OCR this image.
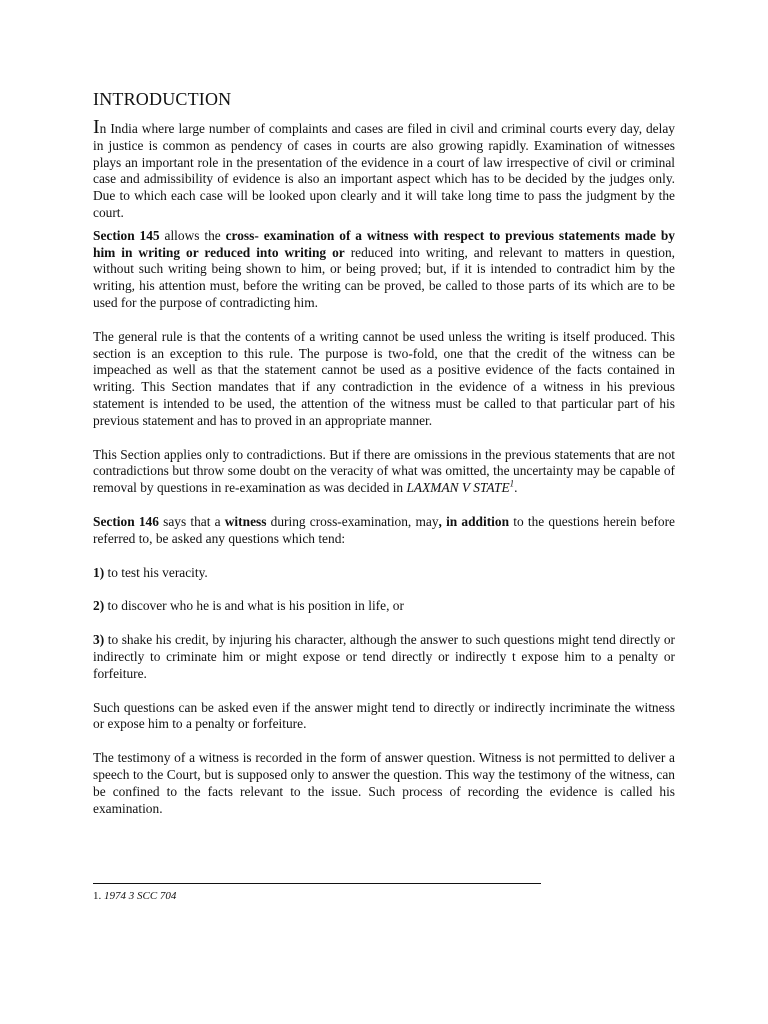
INTRODUCTION

In India where large number of complaints and cases are filed in civil and criminal courts every day, delay in justice is common as pendency of cases in courts are also growing rapidly. Examination of witnesses plays an important role in the presentation of the evidence in a court of law irrespective of civil or criminal case and admissibility of evidence is also an important aspect which has to be decided by the judges only. Due to which each case will be looked upon clearly and it will take long time to pass the judgment by the court.

Section 145 allows the cross- examination of a witness with respect to previous statements made by him in writing or reduced into writing or reduced into writing, and relevant to matters in question, without such writing being shown to him, or being proved; but, if it is intended to contradict him by the writing, his attention must, before the writing can be proved, be called to those parts of its which are to be used for the purpose of contradicting him.

The general rule is that the contents of a writing cannot be used unless the writing is itself produced. This section is an exception to this rule. The purpose is two-fold, one that the credit of the witness can be impeached as well as that the statement cannot be used as a positive evidence of the facts contained in writing. This Section mandates that if any contradiction in the evidence of a witness in his previous statement is intended to be used, the attention of the witness must be called to that particular part of his previous statement and has to proved in an appropriate manner.

This Section applies only to contradictions. But if there are omissions in the previous statements that are not contradictions but throw some doubt on the veracity of what was omitted, the uncertainty may be capable of removal by questions in re-examination as was decided in LAXMAN V STATE$^1$.

Section 146 says that a witness during cross-examination, may, in addition to the questions herein before referred to, be asked any questions which tend:

1) to test his veracity.

2) to discover who he is and what is his position in life, or

3) to shake his credit, by injuring his character, although the answer to such questions might tend directly or indirectly to criminate him or might expose or tend directly or indirectly t expose him to a penalty or forfeiture.

Such questions can be asked even if the answer might tend to directly or indirectly incriminate the witness or expose him to a penalty or forfeiture.

The testimony of a witness is recorded in the form of answer question. Witness is not permitted to deliver a speech to the Court, but is supposed only to answer the question. This way the testimony of the witness, can be confined to the facts relevant to the issue. Such process of recording the evidence is called his examination.

1. 1974 3 SCC 704
